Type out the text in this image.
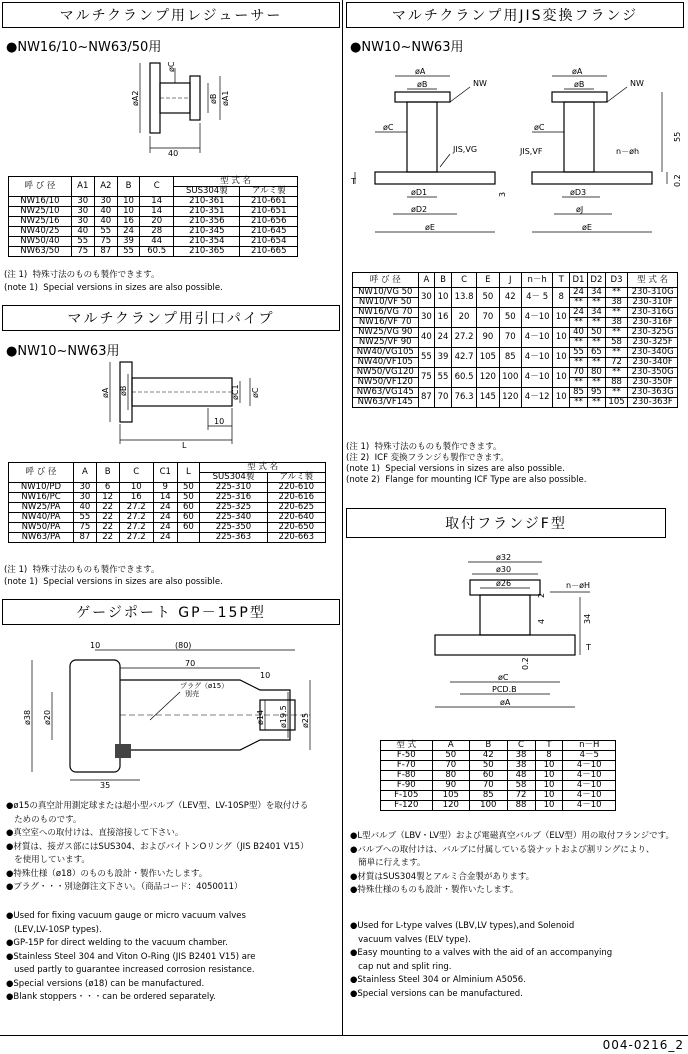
マルチクランプ用レジューサー
●NW16/10~NW63/50用
øC
øA2	øB øA1
40
呼 び 径	A1	A2	B	C	型 式 名	
					SUS304製	アルミ製
NW16/10	30	30	10	14	210-361	210-661
NW25/10	30	40	10	14	210-351	210-651
NW25/16	30	40	16	20	210-356	210-656
NW40/25	40	55	24	28	210-345	210-645
NW50/40	55	75	39	44	210-354	210-654
NW63/50	75	87	55	60.5	210-365	210-665
(注 1)  特殊寸法のものも製作できます。
(note 1)  Special versions in sizes are also possible.
マルチクランプ用引口パイプ
●NW10~NW63用
øA øB	øC1 øC
10
L
呼 び 径	A	B	C	C1	L	型 式 名	
						SUS304製	アルミ製
NW10/PD	30	6	10	9	50	225-310	220-610
NW16/PC	30	12	16	14	50	225-316	220-616
NW25/PA	40	22	27.2	24	60	225-325	220-625
NW40/PA	55	22	27.2	24	60	225-340	220-640
NW50/PA	75	22	27.2	24	60	225-350	220-650
NW63/PA	87	22	27.2	24		225-363	220-663
(注 1)  特殊寸法のものも製作できます。
(note 1)  Special versions in sizes are also possible.
ゲージポート GP－15P型
10	(80)
70
10
プラグ（ø15）
別売
ø38 ø20	ø14 ø19.5 ø25
35
●ø15の真空計用測定球または超小型バルブ（LEV型、LV-10SP型）を取付ける
ためのものです。
●真空室への取付けは、直接溶接して下さい。
●材質は、接ガス部にはSUS304、およびバイトンOリング（JIS B2401 V15）
を使用しています。
●特殊仕様（ø18）のものも設計・製作いたします。
●プラグ・・・別途御注文下さい。（商品コード：4050011）
●Used for fixing vacuum gauge or micro vacuum valves
(LEV,LV-10SP types).
●GP-15P for direct welding to the vacuum chamber.
●Stainless Steel 304 and Viton O-Ring (JIS B2401 V15) are
used partly to guarantee increased corrosion resistance.
●Special versions (ø18) can be manufactured.
●Blank stoppers・・・can be ordered separately.
マルチクランプ用JIS変換フランジ
●NW10~NW63用
øA
øB	NW
øC
JIS,VG
T
3
øD1
øD2
øE
øA
øB	NW
øC
JIS,VF	n－øh
55
0.2
øD3
øJ
øE
呼 び 径	A	B	C	E	J	n－h	T	D1	D2	D3	型 式 名
NW10/VG 50	30	10	13.8	50	42	4－ 5	8	24	34	**	230-310G
NW10/VF 50								**	**	38	230-310F
NW16/VG 70	30	16	20	70	50	4－10	10	24	34	**	230-316G
NW16/VF 70								**	**	38	230-316F
NW25/VG 90	40	24	27.2	90	70	4－10	10	40	50	**	230-325G
NW25/VF 90								**	**	58	230-325F
NW40/VG105	55	39	42.7	105	85	4－10	10	55	65	**	230-340G
NW40/VF105								**	**	72	230-340F
NW50/VG120	75	55	60.5	120	100	4－10	10	70	80	**	230-350G
NW50/VF120								**	**	88	230-350F
NW63/VG145	87	70	76.3	145	120	4－12	10	85	95	**	230-363G
NW63/VF145								**	**	105	230-363F
(注 1)  特殊寸法のものも製作できます。
(注 2)  ICF 変換フランジも製作できます。
(note 1)  Special versions in sizes are also possible.
(note 2)  Flange for mounting ICF Type are also possible.
取付フランジF型
ø32
ø30
ø26
2
n－øH
4	34
T
0.2
øC
PCD.B
øA
型 式	A	B	C	T	n－H
F-50	50	42	38	8	4－5
F-70	70	50	38	10	4－10
F-80	80	60	48	10	4－10
F-90	90	70	58	10	4－10
F-105	105	85	72	10	4－10
F-120	120	100	88	10	4－10
●L型バルブ（LBV・LV型）および電磁真空バルブ（ELV型）用の取付フランジです。
●バルブへの取付けは、バルブに付属している袋ナットおよび割リングにより、
簡単に行えます。
●材質はSUS304製とアルミ合金製があります。
●特殊仕様のものも設計・製作いたします。
●Used for L-type valves (LBV,LV types),and Solenoid
vacuum valves (ELV type).
●Easy mounting to a valves with the aid of an accompanying
cap nut and split ring.
●Stainless Steel 304 or Alminium A5056.
●Special versions can be manufactured.
004-0216_2
